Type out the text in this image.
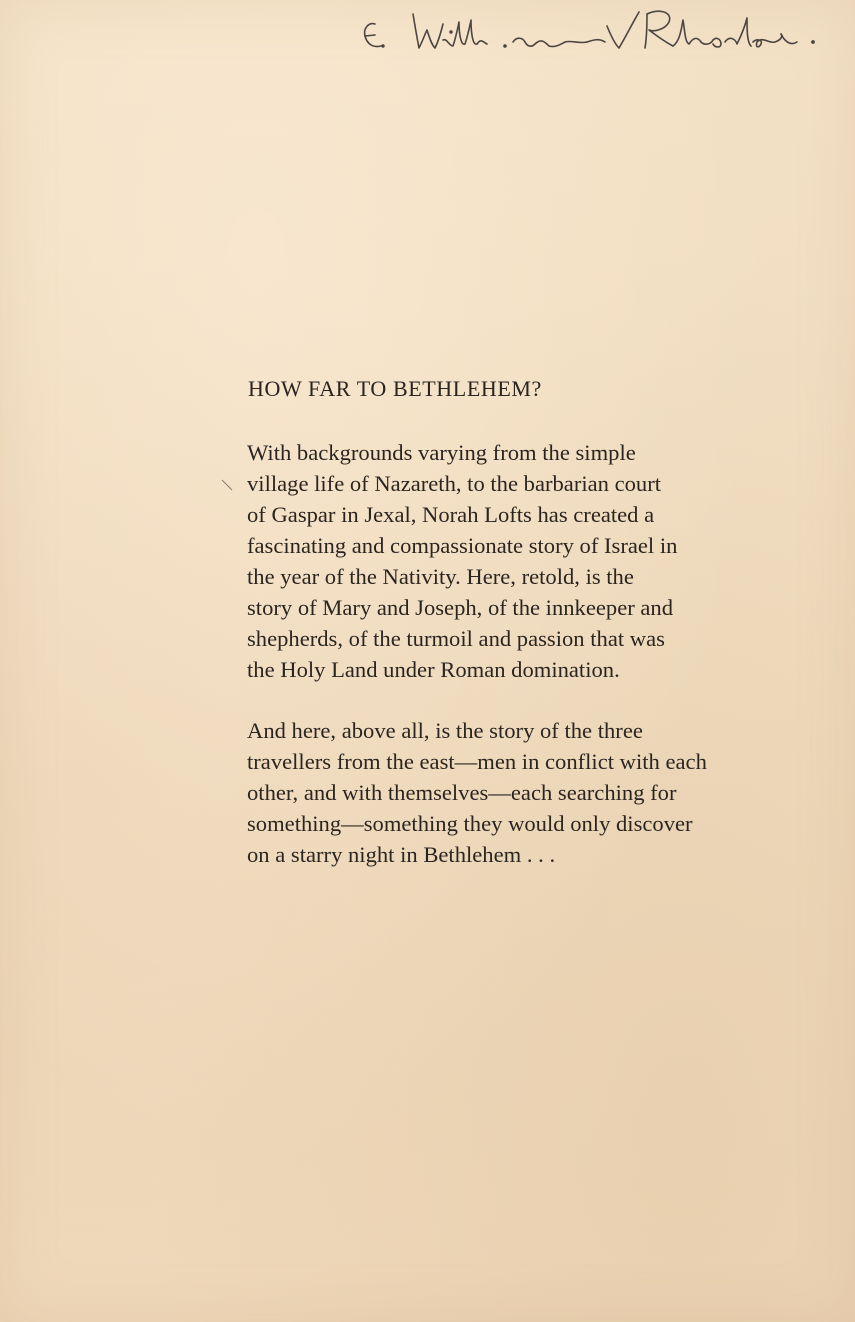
HOW FAR TO BETHLEHEM?

With backgrounds varying from the simple
village life of Nazareth, to the barbarian court
of Gaspar in Jexal, Norah Lofts has created a
fascinating and compassionate story of Israel in
the year of the Nativity. Here, retold, is the
story of Mary and Joseph, of the innkeeper and
shepherds, of the turmoil and passion that was
the Holy Land under Roman domination.

And here, above all, is the story of the three
travellers from the east—men in conflict with each
other, and with themselves—each searching for
something—something they would only discover
on a starry night in Bethlehem . . .
